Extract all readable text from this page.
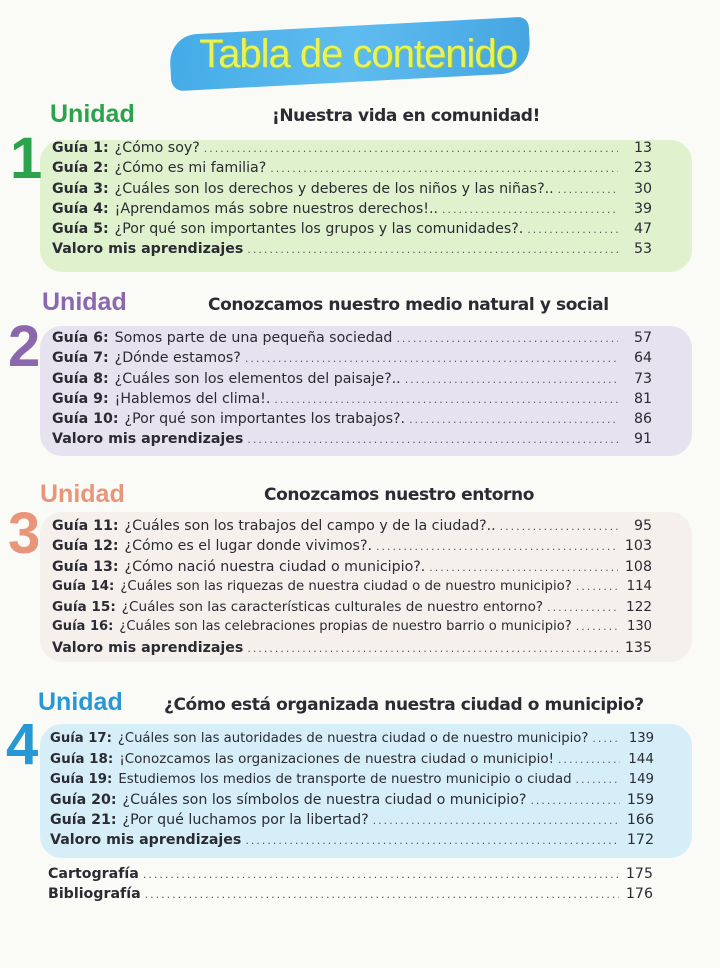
Tabla de contenido
Unidad
1
¡Nuestra vida en comunidad!
Guía 1: ¿Cómo soy? .....	13
Guía 2: ¿Cómo es mi familia? .....	23
Guía 3: ¿Cuáles son los derechos y deberes de los niños y las niñas?.. .....	30
Guía 4: ¡Aprendamos más sobre nuestros derechos!.. .....	39
Guía 5: ¿Por qué son importantes los grupos y las comunidades?. .....	47
Valoro mis aprendizajes .....	53
Unidad
2
Conozcamos nuestro medio natural y social
Guía 6: Somos parte de una pequeña sociedad .....	57
Guía 7: ¿Dónde estamos? .....	64
Guía 8: ¿Cuáles son los elementos del paisaje?.. .....	73
Guía 9: ¡Hablemos del clima!. .....	81
Guía 10: ¿Por qué son importantes los trabajos?. .....	86
Valoro mis aprendizajes .....	91
Unidad
3
Conozcamos nuestro entorno
Guía 11: ¿Cuáles son los trabajos del campo y de la ciudad?.. .....	95
Guía 12: ¿Cómo es el lugar donde vivimos?. .....	103
Guía 13: ¿Cómo nació nuestra ciudad o municipio?. .....	108
Guía 14: ¿Cuáles son las riquezas de nuestra ciudad o de nuestro municipio? .....	114
Guía 15: ¿Cuáles son las características culturales de nuestro entorno? .....	122
Guía 16: ¿Cuáles son las celebraciones propias de nuestro barrio o municipio? .....	130
Valoro mis aprendizajes .....	135
Unidad
4
¿Cómo está organizada nuestra ciudad o municipio?
Guía 17: ¿Cuáles son las autoridades de nuestra ciudad o de nuestro municipio? .....	139
Guía 18: ¡Conozcamos las organizaciones de nuestra ciudad o municipio! .....	144
Guía 19: Estudiemos los medios de transporte de nuestro municipio o ciudad .....	149
Guía 20: ¿Cuáles son los símbolos de nuestra ciudad o municipio? .....	159
Guía 21: ¿Por qué luchamos por la libertad? .....	166
Valoro mis aprendizajes .....	172
Cartografía .....	175
Bibliografía .....	176
